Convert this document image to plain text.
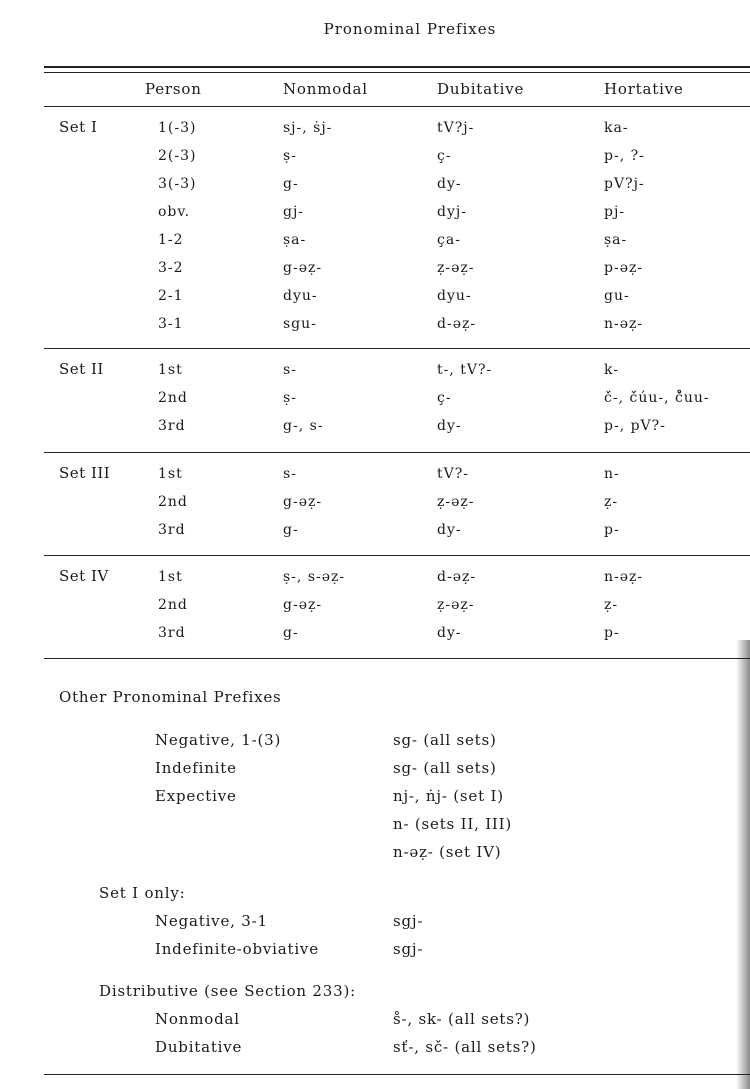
Pronominal Prefixes
Person	Nonmodal	Dubitative	Hortative
Set I	1(-3)	sj-, ṡj-	tV?j-	ka-
2(-3)	ṣ-	ç-	p-, ?-
3(-3)	g-	dy-	pV?j-
obv.	gj-	dyj-	pj-
1-2	ṣa-	ça-	ṣa-
3-2	g-əẓ-	ẓ-əẓ-	p-əẓ-
2-1	dyu-	dyu-	gu-
3-1	sgu-	d-əẓ-	n-əẓ-
Set II	1st	s-	t-, tV?-	k-
2nd	ṣ-	ç-	č́-, č́úu-, č̊uu-
3rd	g-, s-	dy-	p-, pV?-
Set III	1st	s-	tV?-	n-
2nd	g-əẓ-	ẓ-əẓ-	ẓ-
3rd	g-	dy-	p-
Set IV	1st	ṣ-, s-əẓ-	d-əẓ-	n-əẓ-
2nd	g-əẓ-	ẓ-əẓ-	ẓ-
3rd	g-	dy-	p-
Other Pronominal Prefixes
Negative, 1-(3)	sg- (all sets)
Indefinite	sg- (all sets)
Expective	nj-, ṅj- (set I)
n- (sets II, III)
n-əẓ- (set IV)
Set I only:
Negative, 3-1	sgj-
Indefinite-obviative	sgj-
Distributive (see Section 233):
Nonmodal	s̊-, sk- (all sets?)
Dubitative	sť-, sč- (all sets?)
